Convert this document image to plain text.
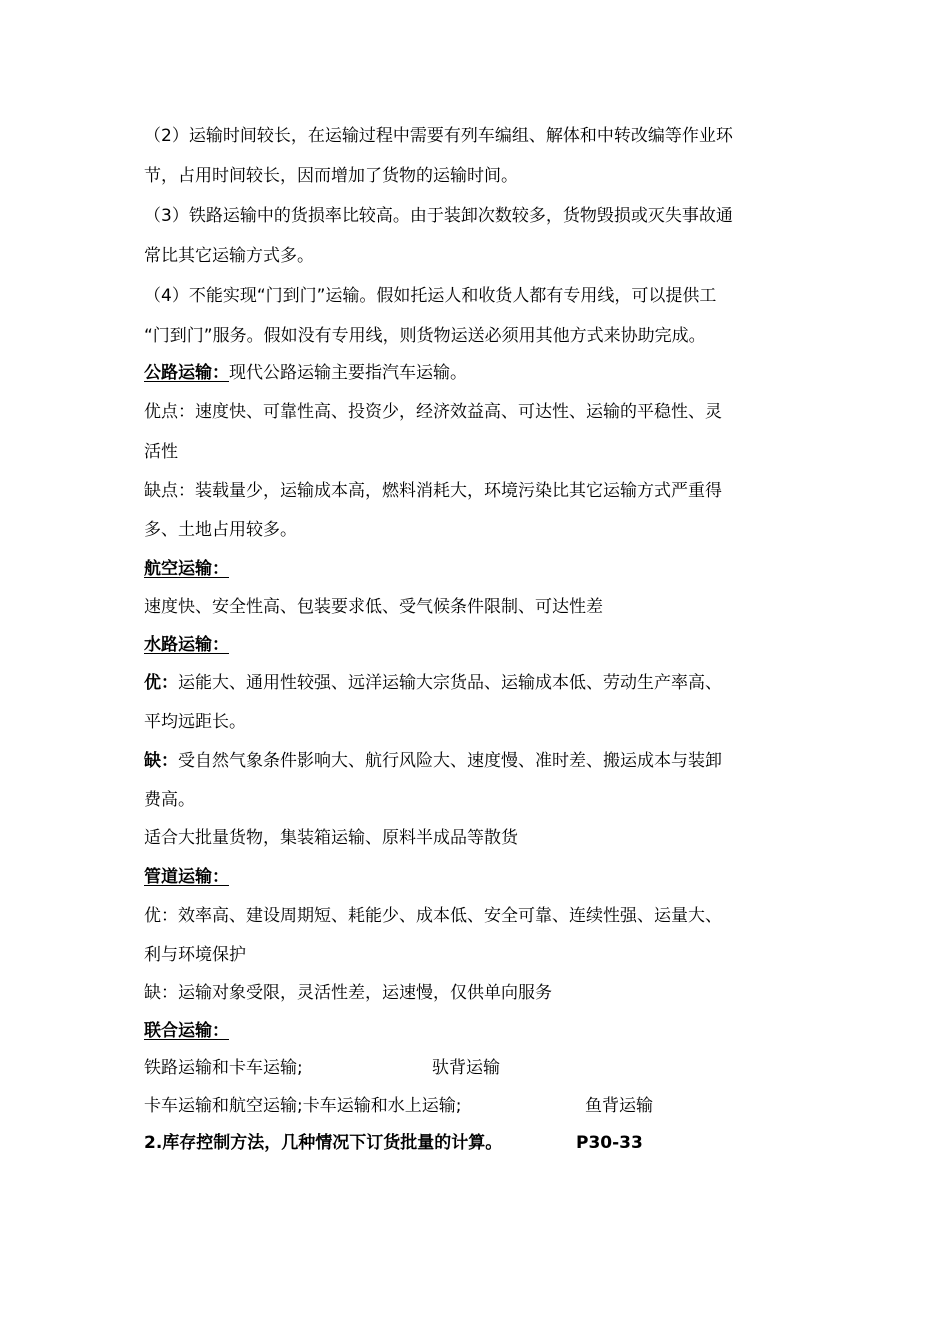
（2）运输时间较长，在运输过程中需要有列车编组、解体和中转改编等作业环
节，占用时间较长，因而增加了货物的运输时间。
（3）铁路运输中的货损率比较高。由于装卸次数较多，货物毁损或灭失事故通
常比其它运输方式多。
（4）不能实现“门到门”运输。假如托运人和收货人都有专用线，可以提供工
“门到门”服务。假如没有专用线，则货物运送必须用其他方式来协助完成。
公路运输：现代公路运输主要指汽车运输。
优点：速度快、可靠性高、投资少，经济效益高、可达性、运输的平稳性、灵
活性
缺点：装载量少，运输成本高，燃料消耗大，环境污染比其它运输方式严重得
多、土地占用较多。
航空运输：
速度快、安全性高、包装要求低、受气候条件限制、可达性差
水路运输：
优：运能大、通用性较强、远洋运输大宗货品、运输成本低、劳动生产率高、
平均远距长。
缺：受自然气象条件影响大、航行风险大、速度慢、准时差、搬运成本与装卸
费高。
适合大批量货物，集装箱运输、原料半成品等散货
管道运输：
优：效率高、建设周期短、耗能少、成本低、安全可靠、连续性强、运量大、
利与环境保护
缺：运输对象受限，灵活性差，运速慢，仅供单向服务
联合运输：
铁路运输和卡车运输;	驮背运输
卡车运输和航空运输;卡车运输和水上运输;	鱼背运输
2.库存控制方法，几种情况下订货批量的计算。	P30-33
